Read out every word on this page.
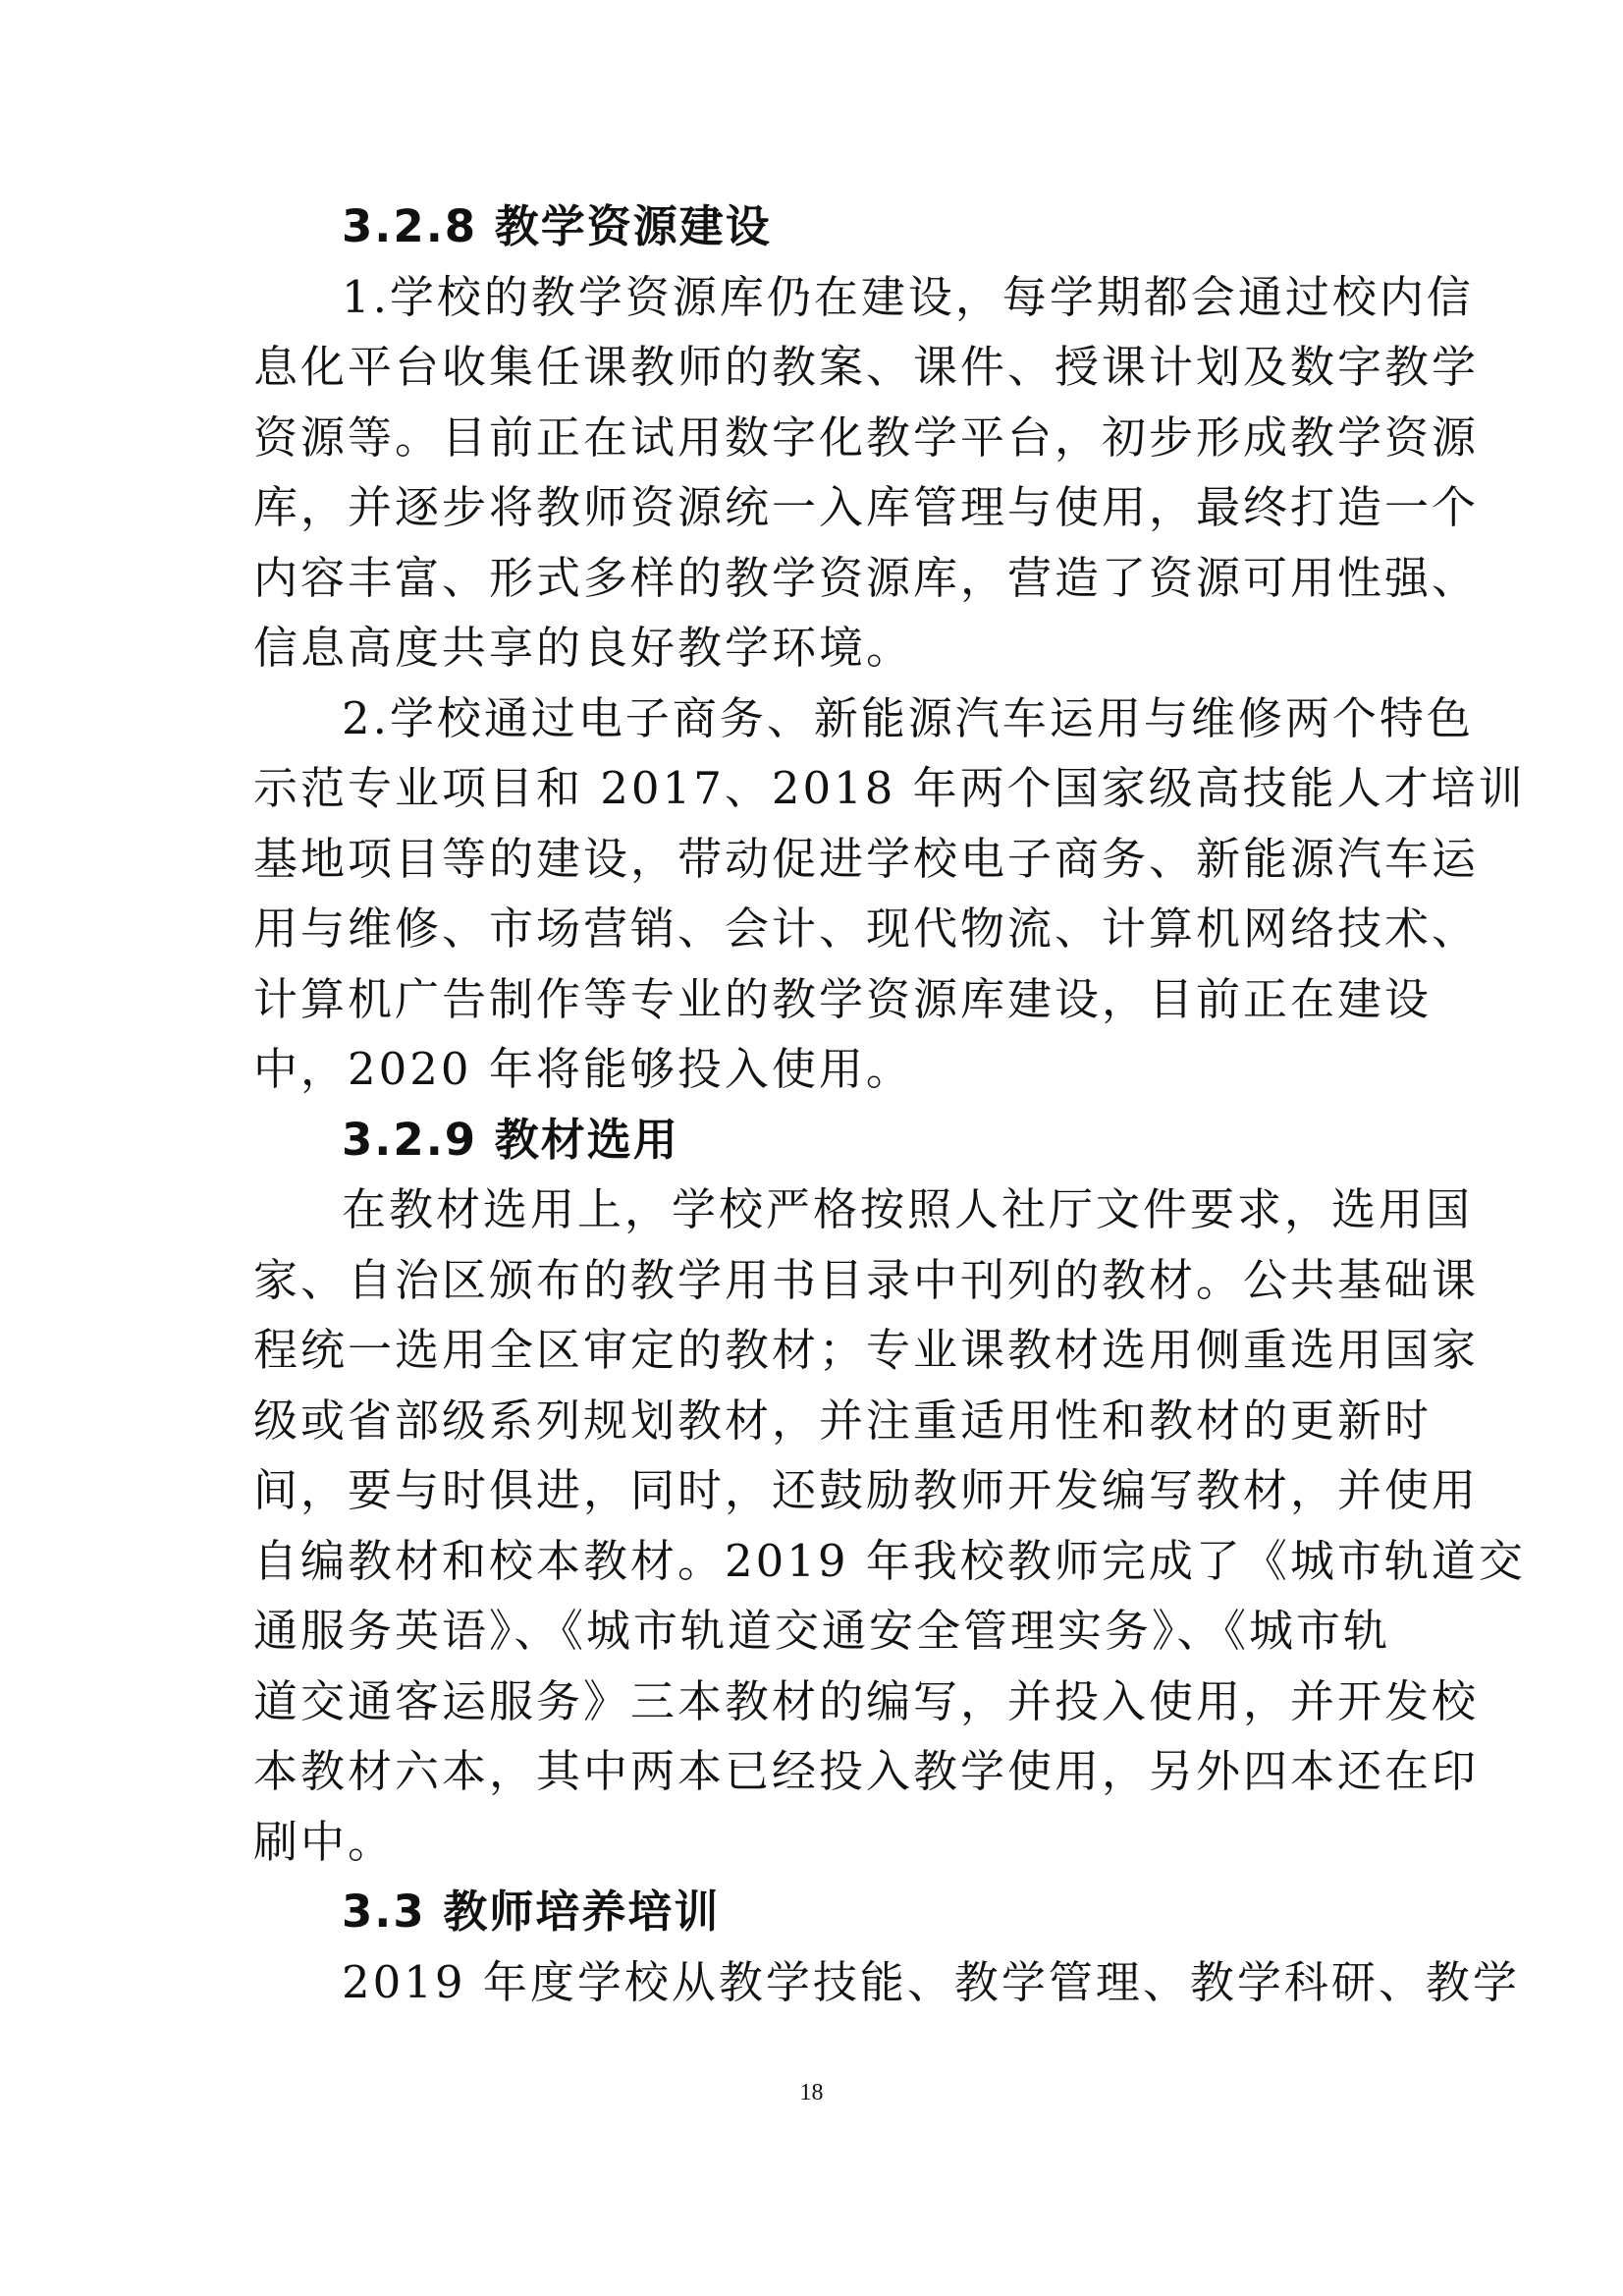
3.2.8 教学资源建设
1.学校的教学资源库仍在建设，每学期都会通过校内信
息化平台收集任课教师的教案、课件、授课计划及数字教学
资源等。目前正在试用数字化教学平台，初步形成教学资源
库，并逐步将教师资源统一入库管理与使用，最终打造一个
内容丰富、形式多样的教学资源库，营造了资源可用性强、
信息高度共享的良好教学环境。
2.学校通过电子商务、新能源汽车运用与维修两个特色
示范专业项目和 2017、2018 年两个国家级高技能人才培训
基地项目等的建设，带动促进学校电子商务、新能源汽车运
用与维修、市场营销、会计、现代物流、计算机网络技术、
计算机广告制作等专业的教学资源库建设，目前正在建设
中，2020 年将能够投入使用。
3.2.9 教材选用
在教材选用上，学校严格按照人社厅文件要求，选用国
家、自治区颁布的教学用书目录中刊列的教材。公共基础课
程统一选用全区审定的教材；专业课教材选用侧重选用国家
级或省部级系列规划教材，并注重适用性和教材的更新时
间，要与时俱进，同时，还鼓励教师开发编写教材，并使用
自编教材和校本教材。2019 年我校教师完成了《城市轨道交
通服务英语》、《城市轨道交通安全管理实务》、《城市轨
道交通客运服务》三本教材的编写，并投入使用，并开发校
本教材六本，其中两本已经投入教学使用，另外四本还在印
刷中。
3.3 教师培养培训
2019 年度学校从教学技能、教学管理、教学科研、教学
18
